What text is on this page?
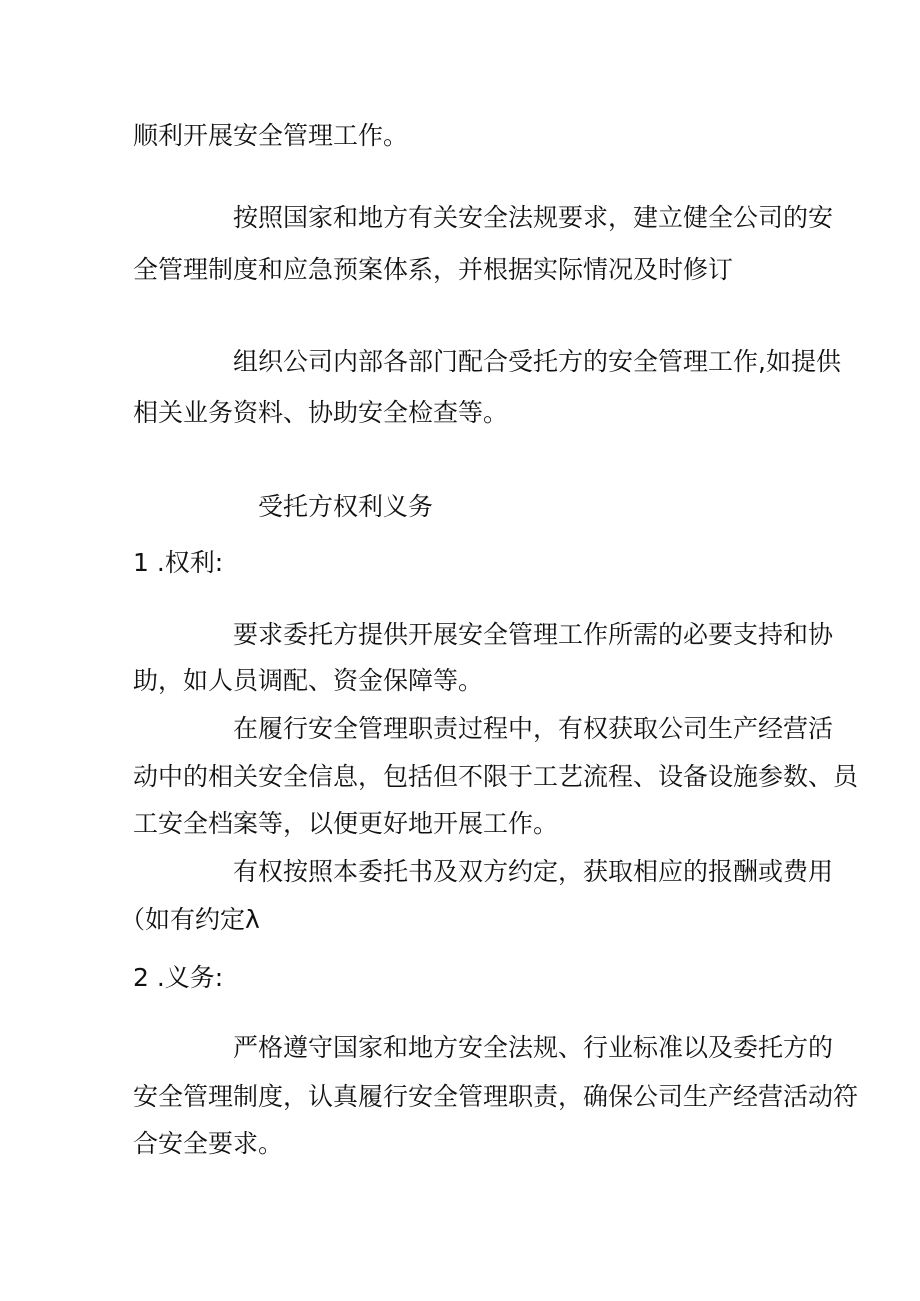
顺利开展安全管理工作。
按照国家和地方有关安全法规要求，建立健全公司的安
全管理制度和应急预案体系，并根据实际情况及时修订
组织公司内部各部门配合受托方的安全管理工作,如提供
相关业务资料、协助安全检查等。
受托方权利义务
1 .权利:
要求委托方提供开展安全管理工作所需的必要支持和协
助，如人员调配、资金保障等。
在履行安全管理职责过程中，有权获取公司生产经营活
动中的相关安全信息，包括但不限于工艺流程、设备设施参数、员
工安全档案等，以便更好地开展工作。
有权按照本委托书及双方约定，获取相应的报酬或费用
（如有约定λ
2 .义务:
严格遵守国家和地方安全法规、行业标准以及委托方的
安全管理制度，认真履行安全管理职责，确保公司生产经营活动符
合安全要求。
